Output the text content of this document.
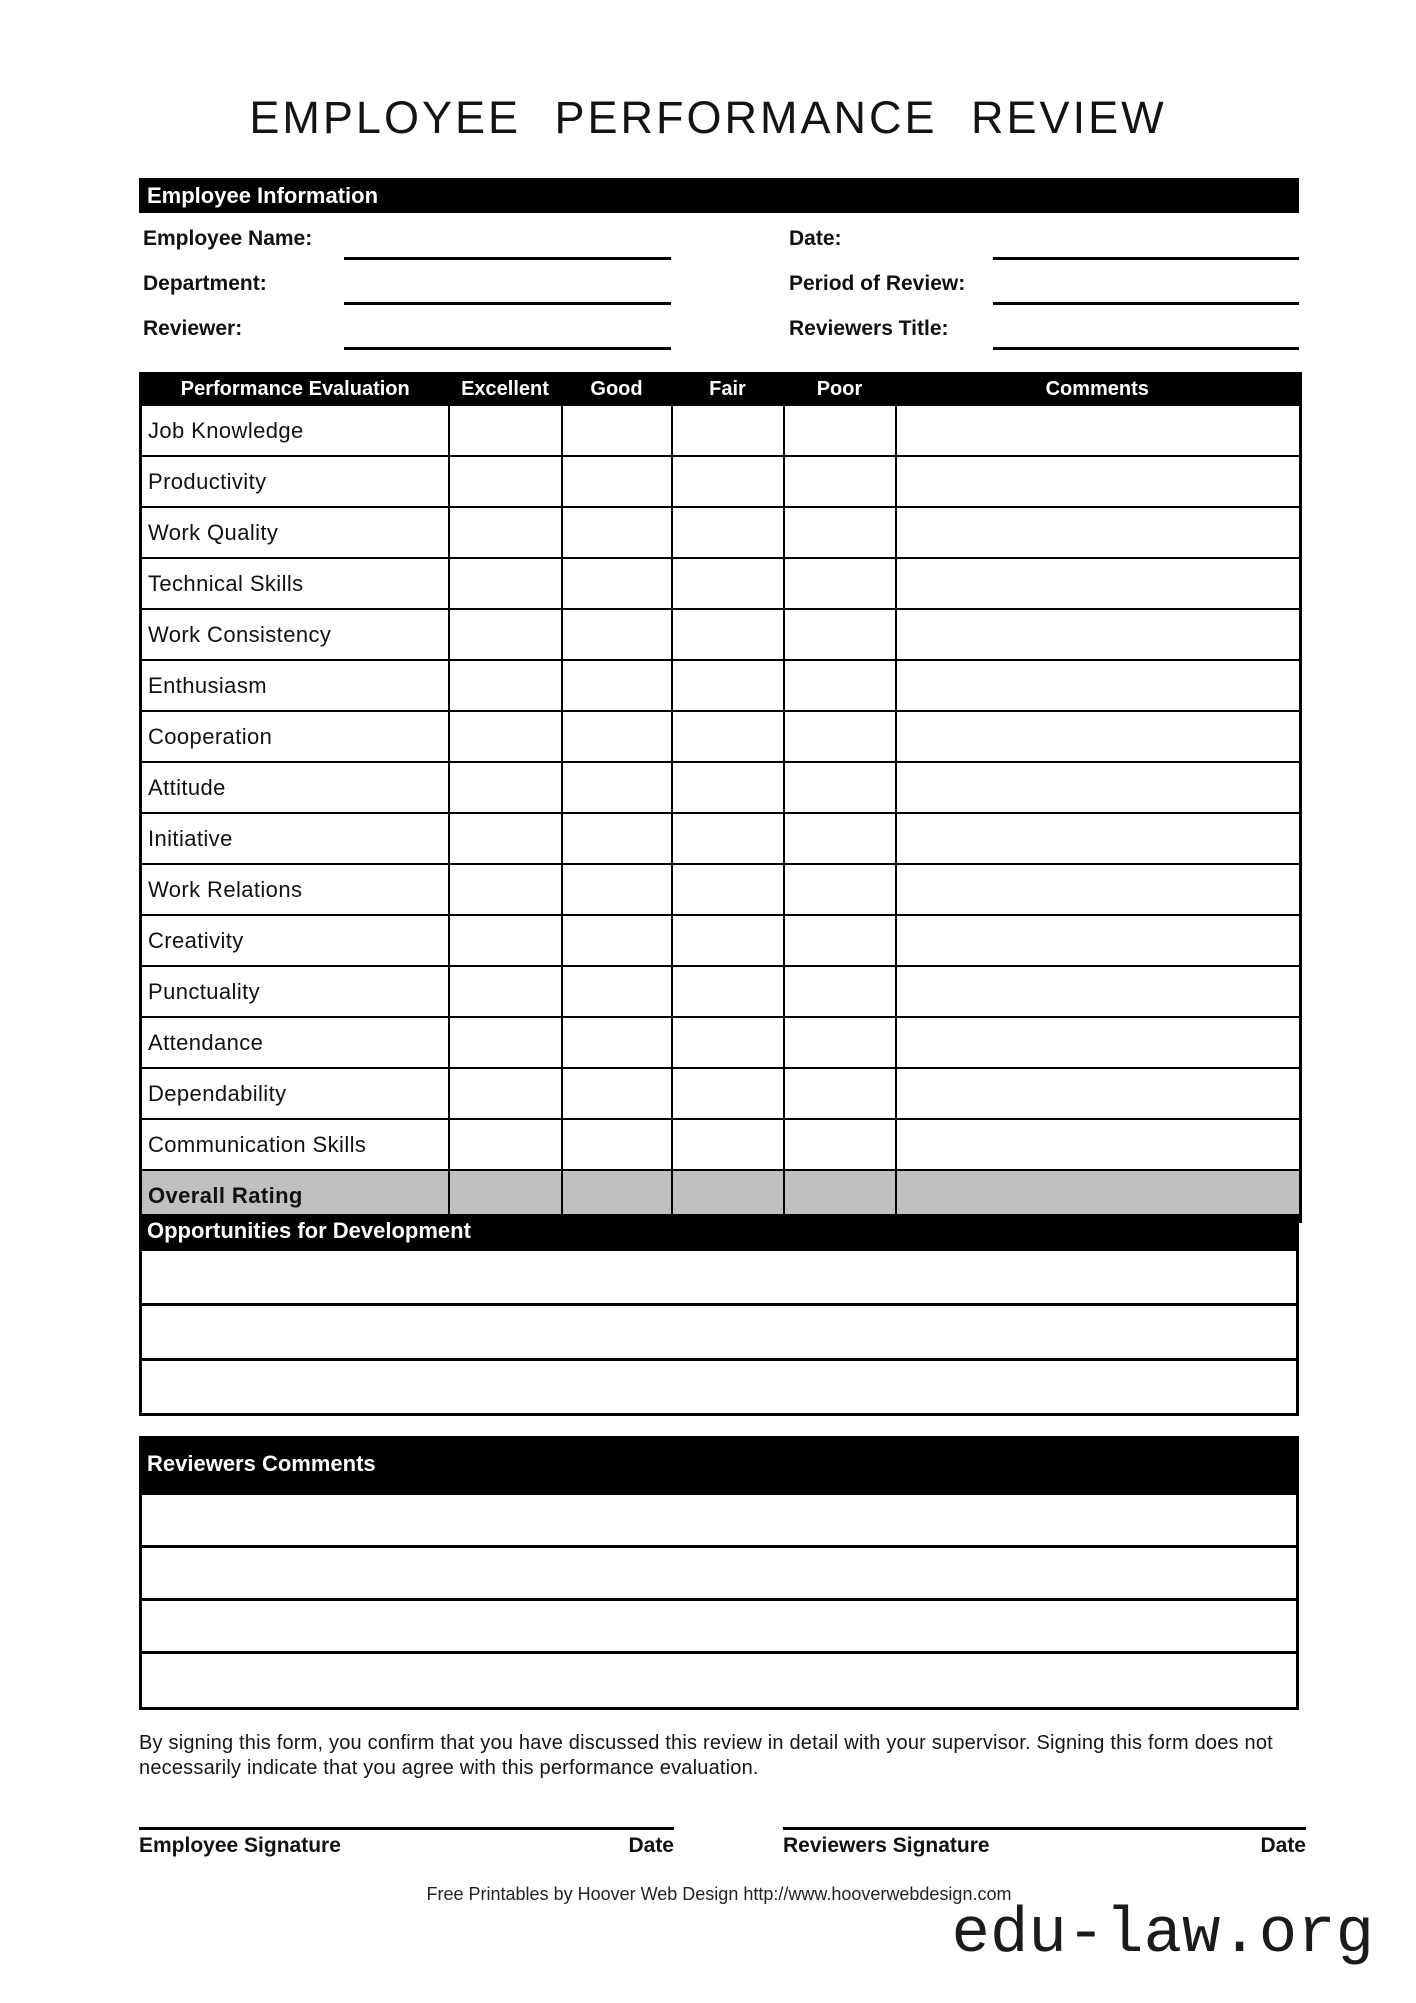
EMPLOYEE PERFORMANCE REVIEW
Employee Information
Employee Name:	Date:
Department:	Period of Review:
Reviewer:	Reviewers Title:
Performance Evaluation	Excellent	Good	Fair	Poor	Comments
Job Knowledge					
Productivity					
Work Quality					
Technical Skills					
Work Consistency					
Enthusiasm					
Cooperation					
Attitude					
Initiative					
Work Relations					
Creativity					
Punctuality					
Attendance					
Dependability					
Communication Skills					
Overall Rating					
Opportunities for Development
Reviewers Comments
By signing this form, you confirm that you have discussed this review in detail with your supervisor. Signing this form does not necessarily indicate that you agree with this performance evaluation.
Employee Signature	Date	Reviewers Signature	Date
Free Printables by Hoover Web Design http://www.hooverwebdesign.com
edu-law.org
